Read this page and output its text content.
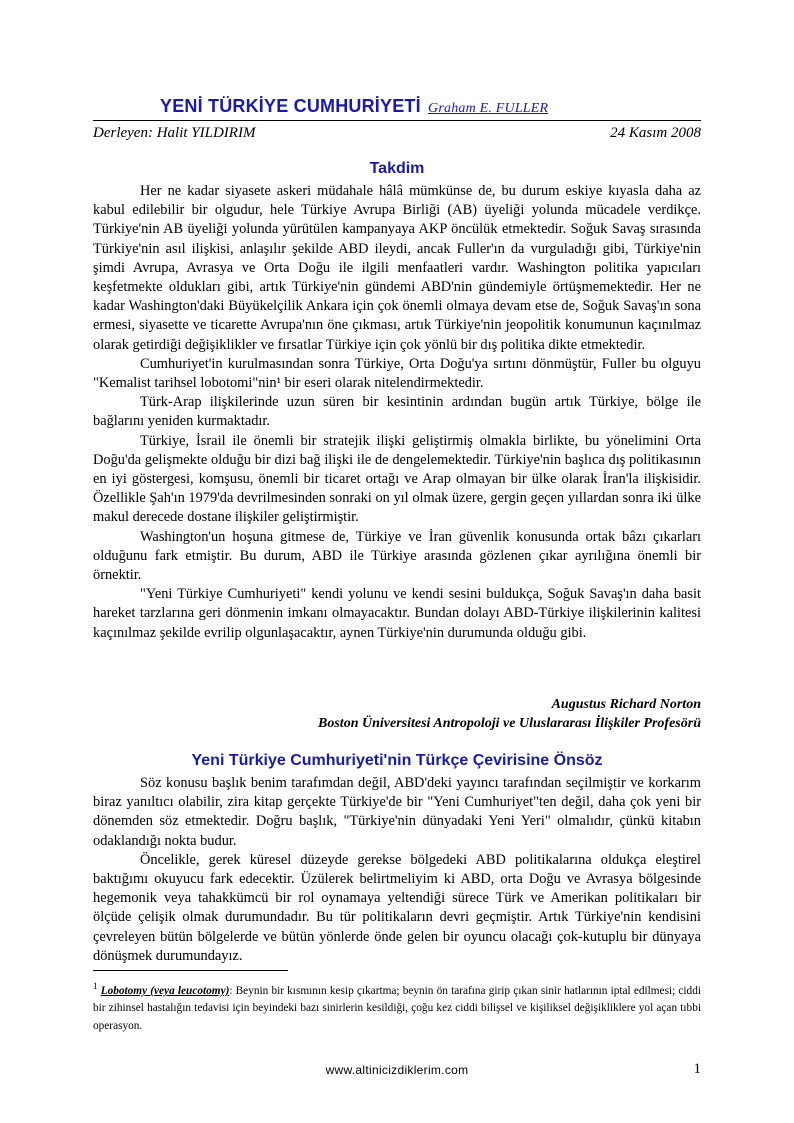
YENİ TÜRKİYE CUMHURİYETİ Graham E. FULLER
Derleyen: Halit YILDIRIM	24 Kasım 2008
Takdim

Her ne kadar siyasete askeri müdahale hâlâ mümkünse de, bu durum eskiye kıyasla daha az kabul edilebilir bir olgudur, hele Türkiye Avrupa Birliği (AB) üyeliği yolunda mücadele verdikçe. Türkiye'nin AB üyeliği yolunda yürütülen kampanyaya AKP öncülük etmektedir. Soğuk Savaş sırasında Türkiye'nin asıl ilişkisi, anlaşılır şekilde ABD ileydi, ancak Fuller'ın da vurguladığı gibi, Türkiye'nin şimdi Avrupa, Avrasya ve Orta Doğu ile ilgili menfaatleri vardır. Washington politika yapıcıları keşfetmekte oldukları gibi, artık Türkiye'nin gündemi ABD'nin gündemiyle örtüşmemektedir. Her ne kadar Washington'daki Büyükelçilik Ankara için çok önemli olmaya devam etse de, Soğuk Savaş'ın sona ermesi, siyasette ve ticarette Avrupa'nın öne çıkması, artık Türkiye'nin jeopolitik konumunun kaçınılmaz olarak getirdiği değişiklikler ve fırsatlar Türkiye için çok yönlü bir dış politika dikte etmektedir.

Cumhuriyet'in kurulmasından sonra Türkiye, Orta Doğu'ya sırtını dönmüştür, Fuller bu olguyu "Kemalist tarihsel lobotomi"nin¹ bir eseri olarak nitelendirmektedir.

Türk-Arap ilişkilerinde uzun süren bir kesintinin ardından bugün artık Türkiye, bölge ile bağlarını yeniden kurmaktadır.

Türkiye, İsrail ile önemli bir stratejik ilişki geliştirmiş olmakla birlikte, bu yönelimini Orta Doğu'da gelişmekte olduğu bir dizi bağ ilişki ile de dengelemektedir. Türkiye'nin başlıca dış politikasının en iyi göstergesi, komşusu, önemli bir ticaret ortağı ve Arap olmayan bir ülke olarak İran'la ilişkisidir. Özellikle Şah'ın 1979'da devrilmesinden sonraki on yıl olmak üzere, gergin geçen yıllardan sonra iki ülke makul derecede dostane ilişkiler geliştirmiştir.

Washington'un hoşuna gitmese de, Türkiye ve İran güvenlik konusunda ortak bâzı çıkarları olduğunu fark etmiştir. Bu durum, ABD ile Türkiye arasında gözlenen çıkar ayrılığına önemli bir örnektir.

"Yeni Türkiye Cumhuriyeti" kendi yolunu ve kendi sesini buldukça, Soğuk Savaş'ın daha basit hareket tarzlarına geri dönmenin imkanı olmayacaktır. Bundan dolayı ABD-Türkiye ilişkilerinin kalitesi kaçınılmaz şekilde evrilip olgunlaşacaktır, aynen Türkiye'nin durumunda olduğu gibi.

Augustus Richard Norton
Boston Üniversitesi Antropoloji ve Uluslararası İlişkiler Profesörü
Yeni Türkiye Cumhuriyeti'nin Türkçe Çevirisine Önsöz

Söz konusu başlık benim tarafımdan değil, ABD'deki yayıncı tarafından seçilmiştir ve korkarım biraz yanıltıcı olabilir, zira kitap gerçekte Türkiye'de bir "Yeni Cumhuriyet"ten değil, daha çok yeni bir dönemden söz etmektedir. Doğru başlık, "Türkiye'nin dünyadaki Yeni Yeri" olmalıdır, çünkü kitabın odaklandığı nokta budur.

Öncelikle, gerek küresel düzeyde gerekse bölgedeki ABD politikalarına oldukça eleştirel baktığımı okuyucu fark edecektir. Üzülerek belirtmeliyim ki ABD, orta Doğu ve Avrasya bölgesinde hegemonik veya tahakkümcü bir rol oynamaya yeltendiği sürece Türk ve Amerikan politikaları bir ölçüde çelişik olmak durumundadır. Bu tür politikaların devri geçmiştir. Artık Türkiye'nin kendisini çevreleyen bütün bölgelerde ve bütün yönlerde önde gelen bir oyuncu olacağı çok-kutuplu bir dünyaya dönüşmek durumundayız.

$^1$ Lobotomy (veya leucotomy): Beynin bir kısmının kesip çıkartma; beynin ön tarafına girip çıkan sinir hatlarının iptal edilmesi; ciddi bir zihinsel hastalığın tedavisi için beyindeki bazı sinirlerin kesildiği, çoğu kez ciddi bilişsel ve kişiliksel değişikliklere yol açan tıbbi operasyon.
www.altinicizdiklerim.com	1
